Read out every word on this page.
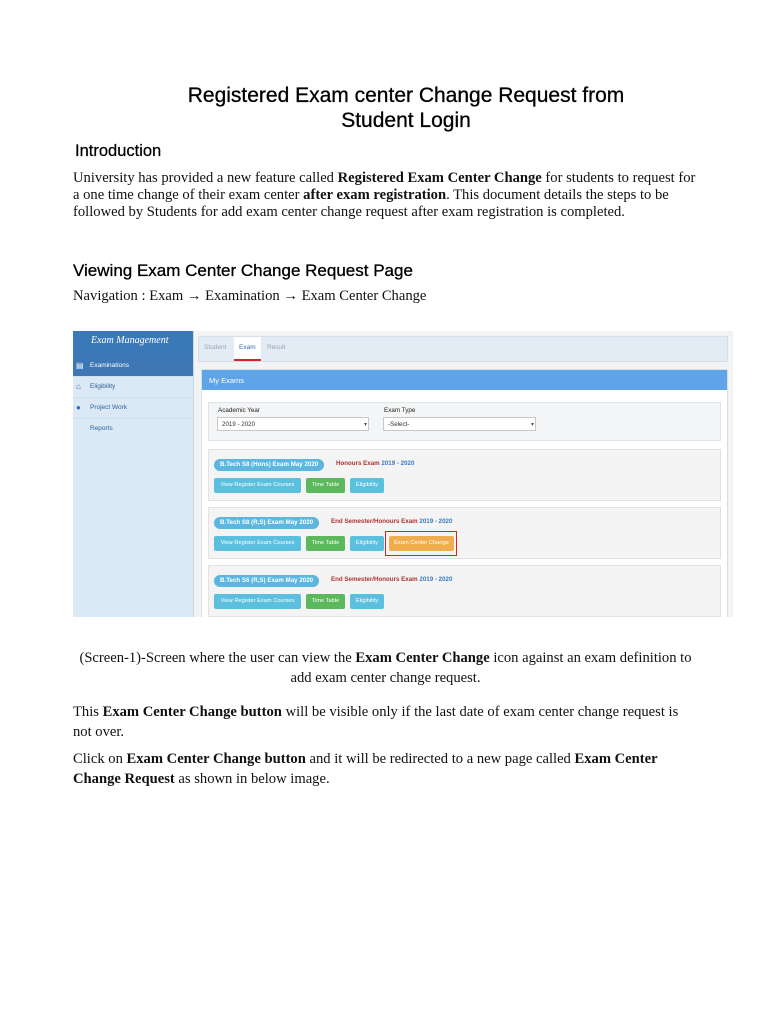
Registered Exam center Change Request from
Student Login
Introduction
University has provided a new feature called Registered Exam Center Change for students to request for a one time change of their exam center after exam registration. This document details the steps to be followed by Students for add exam center change request after exam registration is completed.
Viewing Exam Center Change Request Page
Navigation : Exam → Examination → Exam Center Change
Exam Management
▤ Examinations
⌂ Eligibility
● Project Work
Reports
Student	Exam	Result
My Exams
Academic Year
2019 - 2020	▾
Exam Type
-Select-	▾
B.Tech S8 (Hons) Exam May 2020	Honours Exam 2019 - 2020
View Register Exam Courses	Time Table	Eligibility
B.Tech S8 (R,S) Exam May 2020	End Semester/Honours Exam 2019 - 2020
View Register Exam Courses	Time Table	Eligibility	Exam Center Change
B.Tech S6 (R,S) Exam May 2020	End Semester/Honours Exam 2019 - 2020
View Register Exam Courses	Time Table	Eligibility
(Screen-1)-Screen where the user can view the Exam Center Change icon against an exam definition to add exam center change request.
This Exam Center Change button will be visible only if the last date of exam center change request is not over.
Click on Exam Center Change button and it will be redirected to a new page called Exam Center Change Request as shown in below image.
